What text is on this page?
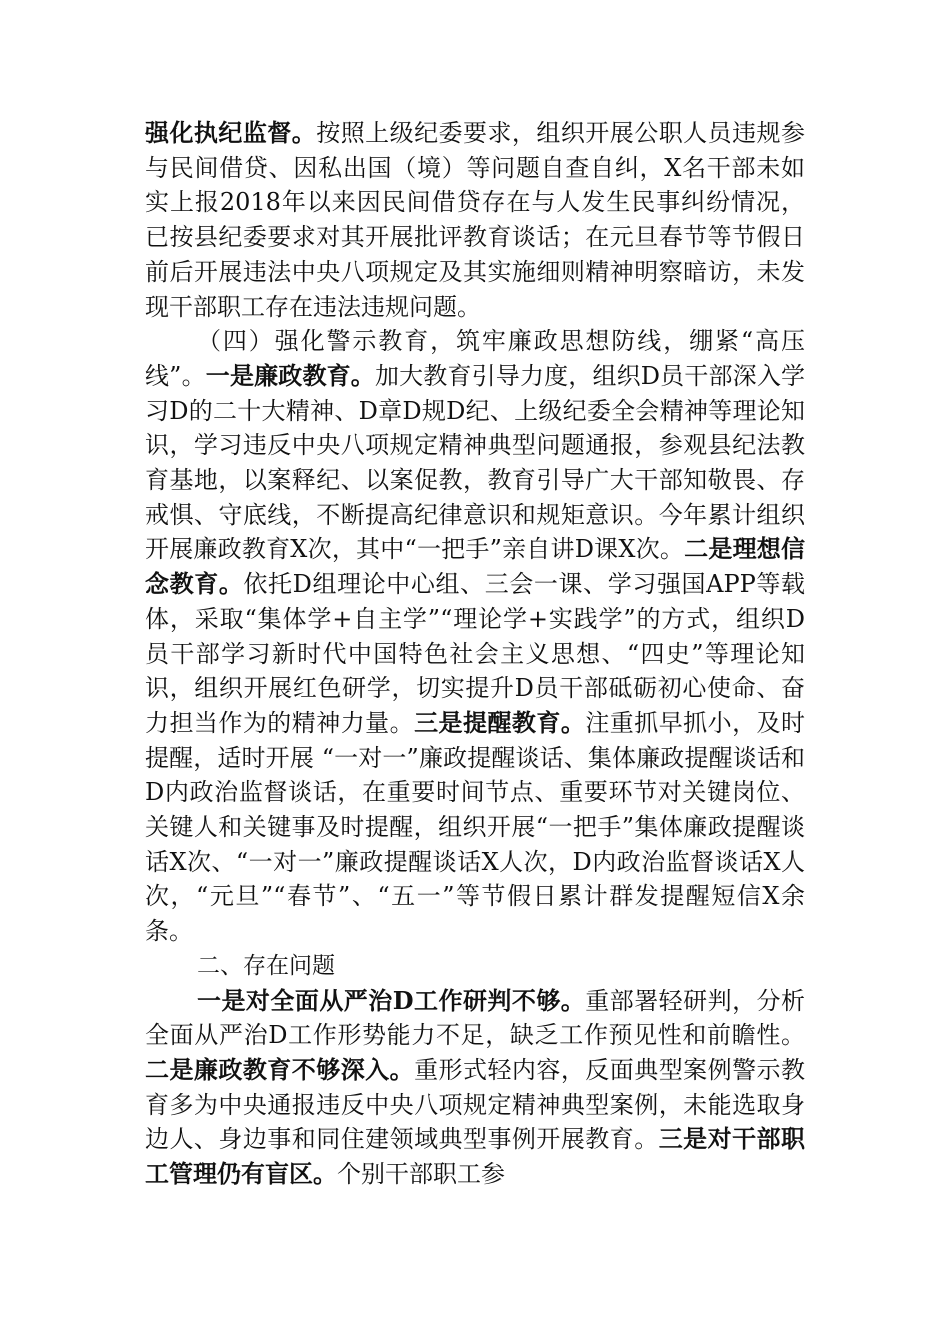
强化执纪监督。按照上级纪委要求，组织开展公职人员违规参与民间借贷、因私出国（境）等问题自查自纠，X名干部未如实上报2018年以来因民间借贷存在与人发生民事纠纷情况，已按县纪委要求对其开展批评教育谈话；在元旦春节等节假日前后开展违法中央八项规定及其实施细则精神明察暗访，未发现干部职工存在违法违规问题。

（四）强化警示教育，筑牢廉政思想防线，绷紧“高压线”。一是廉政教育。加大教育引导力度，组织D员干部深入学习D的二十大精神、D章D规D纪、上级纪委全会精神等理论知识，学习违反中央八项规定精神典型问题通报，参观县纪法教育基地，以案释纪、以案促教，教育引导广大干部知敬畏、存戒惧、守底线，不断提高纪律意识和规矩意识。今年累计组织开展廉政教育X次，其中“一把手”亲自讲D课X次。二是理想信念教育。依托D组理论中心组、三会一课、学习强国APP等载体，采取“集体学+自主学”“理论学+实践学”的方式，组织D员干部学习新时代中国特色社会主义思想、“四史”等理论知识，组织开展红色研学，切实提升D员干部砥砺初心使命、奋力担当作为的精神力量。三是提醒教育。注重抓早抓小，及时提醒，适时开展 “一对一”廉政提醒谈话、集体廉政提醒谈话和D内政治监督谈话，在重要时间节点、重要环节对关键岗位、关键人和关键事及时提醒，组织开展“一把手”集体廉政提醒谈话X次、“一对一”廉政提醒谈话X人次，D内政治监督谈话X人次，“元旦”“春节”、“五一”等节假日累计群发提醒短信X余条。

二、存在问题

一是对全面从严治D工作研判不够。重部署轻研判，分析全面从严治D工作形势能力不足，缺乏工作预见性和前瞻性。二是廉政教育不够深入。重形式轻内容，反面典型案例警示教育多为中央通报违反中央八项规定精神典型案例，未能选取身边人、身边事和同住建领域典型事例开展教育。三是对干部职工管理仍有盲区。个别干部职工参
